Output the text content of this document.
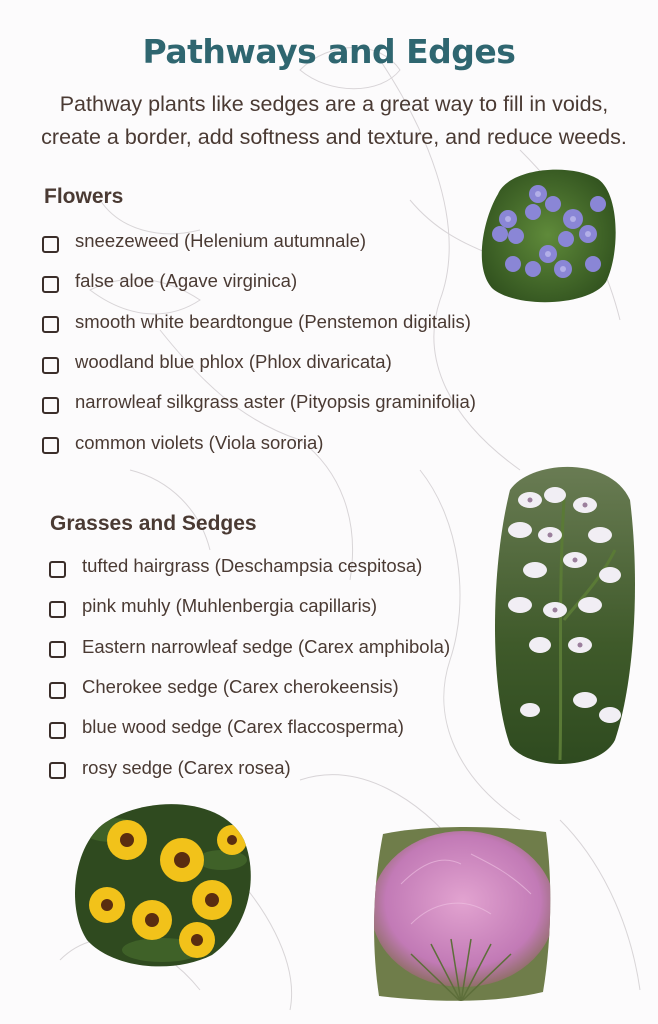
Pathways and Edges
Pathway plants like sedges are a great way to fill in voids, create a border, add softness and texture, and reduce weeds.
Flowers
sneezeweed (Helenium autumnale)
false aloe (Agave virginica)
smooth white beardtongue (Penstemon digitalis)
woodland blue phlox (Phlox divaricata)
narrowleaf silkgrass aster (Pityopsis graminifolia)
common violets (Viola sororia)
Grasses and Sedges
tufted hairgrass (Deschampsia cespitosa)
pink muhly (Muhlenbergia capillaris)
Eastern narrowleaf sedge (Carex amphibola)
Cherokee sedge (Carex cherokeensis)
blue wood sedge (Carex flaccosperma)
rosy sedge (Carex rosea)
